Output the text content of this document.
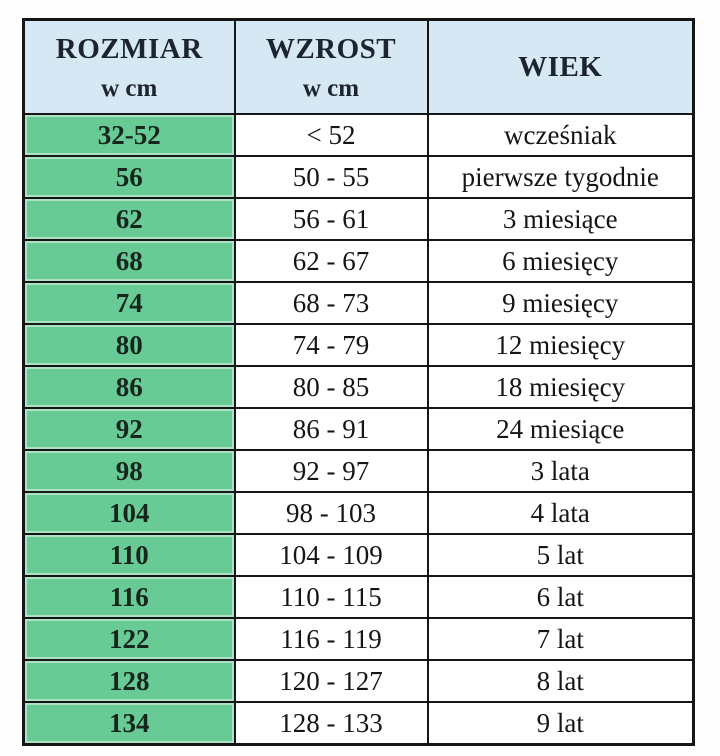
ROZMIAR
w cm

WZROST
w cm

WIEK

32-52	< 52	wcześniak
56	50 - 55	pierwsze tygodnie
62	56 - 61	3 miesiące
68	62 - 67	6 miesięcy
74	68 - 73	9 miesięcy
80	74 - 79	12 miesięcy
86	80 - 85	18 miesięcy
92	86 - 91	24 miesiące
98	92 - 97	3 lata
104	98 - 103	4 lata
110	104 - 109	5 lat
116	110 - 115	6 lat
122	116 - 119	7 lat
128	120 - 127	8 lat
134	128 - 133	9 lat
